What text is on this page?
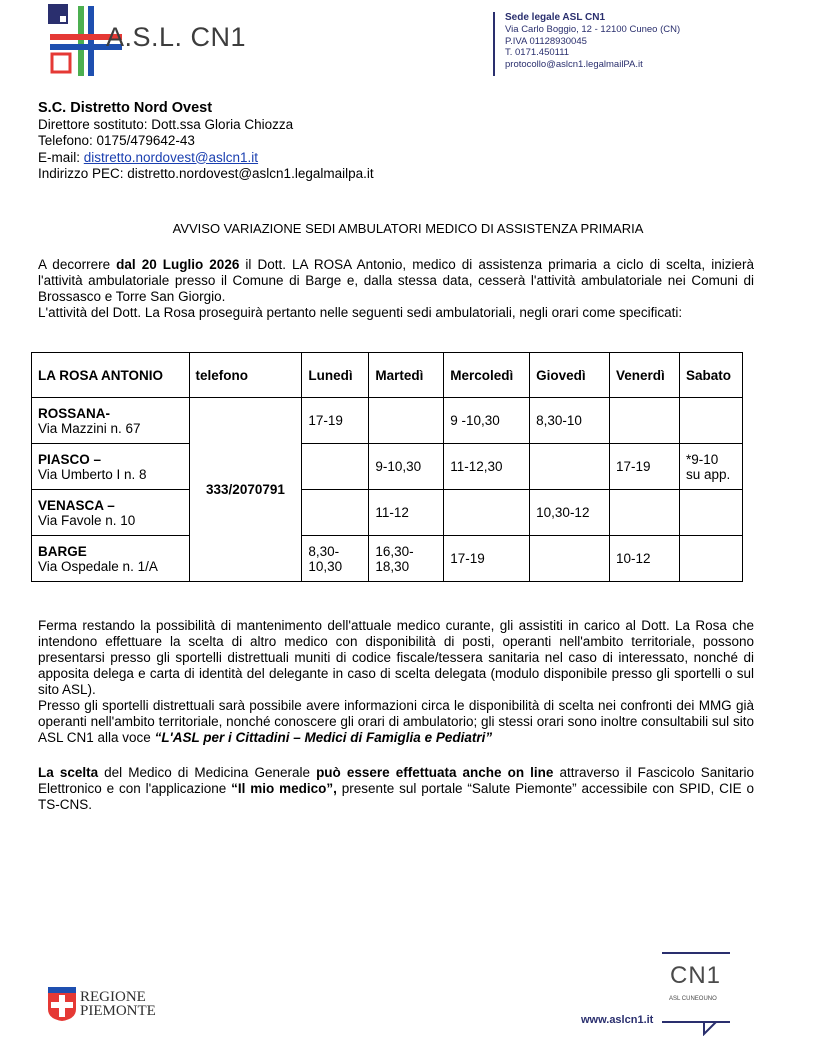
A.S.L. CN1
Sede legale ASL CN1
Via Carlo Boggio, 12 - 12100 Cuneo (CN)
P.IVA 01128930045
T. 0171.450111
protocollo@aslcn1.legalmailPA.it
S.C. Distretto Nord Ovest
Direttore sostituto: Dott.ssa Gloria Chiozza
Telefono: 0175/479642-43
E-mail: distretto.nordovest@aslcn1.it
Indirizzo PEC: distretto.nordovest@aslcn1.legalmailpa.it
AVVISO VARIAZIONE SEDI AMBULATORI MEDICO DI ASSISTENZA PRIMARIA
A decorrere dal 20 Luglio 2026 il Dott. LA ROSA Antonio, medico di assistenza primaria a ciclo di scelta, inizierà l'attività ambulatoriale presso il Comune di Barge e, dalla stessa data, cesserà l'attività ambulatoriale nei Comuni di Brossasco e Torre San Giorgio.
L'attività del Dott. La Rosa proseguirà pertanto nelle seguenti sedi ambulatoriali, negli orari come specificati:
LA ROSA ANTONIO	telefono	Lunedì	Martedì	Mercoledì	Giovedì	Venerdì	Sabato
ROSSANA-
Via Mazzini n. 67	333/2070791	17-19		9 -10,30	8,30-10		
PIASCO –
Via Umberto I n. 8			9-10,30	11-12,30		17-19	*9-10 su app.
VENASCA –
Via Favole n. 10			11-12		10,30-12		
BARGE
Via Ospedale n. 1/A		8,30-10,30	16,30-18,30	17-19		10-12	
Ferma restando la possibilità di mantenimento dell'attuale medico curante, gli assistiti in carico al Dott. La Rosa che intendono effettuare la scelta di altro medico con disponibilità di posti, operanti nell'ambito territoriale, possono presentarsi presso gli sportelli distrettuali muniti di codice fiscale/tessera sanitaria nel caso di interessato, nonché di apposita delega e carta di identità del delegante in caso di scelta delegata (modulo disponibile presso gli sportelli o sul sito ASL).
Presso gli sportelli distrettuali sarà possibile avere informazioni circa le disponibilità di scelta nei confronti dei MMG già operanti nell'ambito territoriale, nonché conoscere gli orari di ambulatorio; gli stessi orari sono inoltre consultabili sul sito ASL CN1 alla voce “L'ASL per i Cittadini – Medici di Famiglia e Pediatri”
La scelta del Medico di Medicina Generale può essere effettuata anche on line attraverso il Fascicolo Sanitario Elettronico e con l'applicazione “Il mio medico”, presente sul portale “Salute Piemonte” accessibile con SPID, CIE o TS-CNS.
REGIONE
PIEMONTE
www.aslcn1.it
CN1
ASL CUNEOUNO
